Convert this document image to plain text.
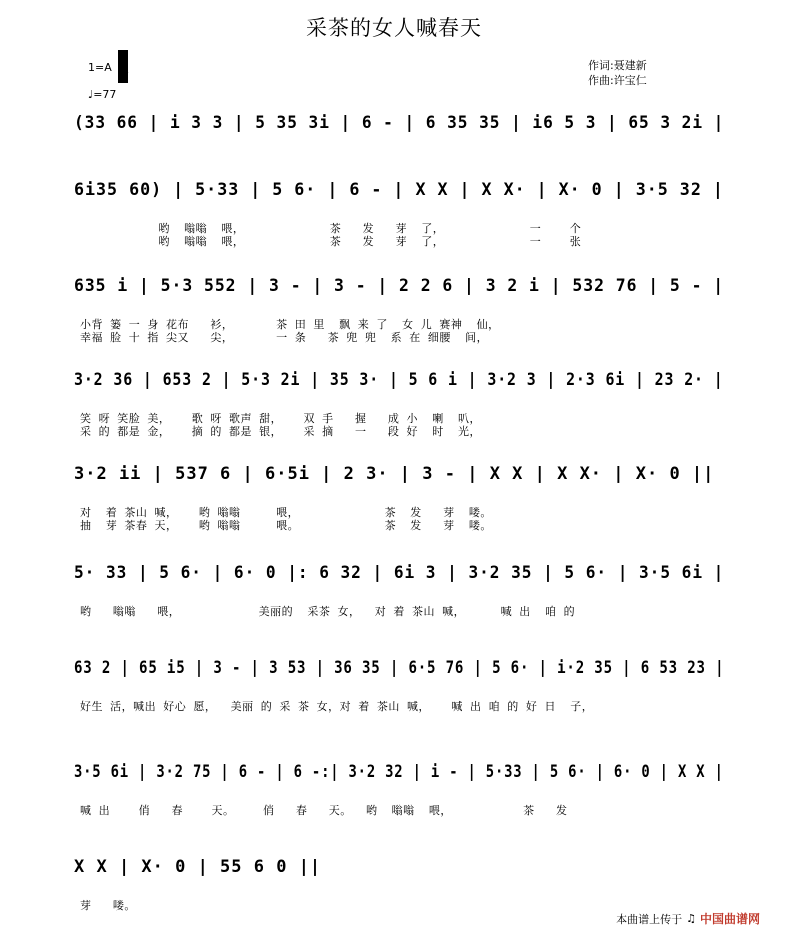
采茶的女人喊春天
1=A
♩=77
作词:聂建新
作曲:许宝仁
(33 66 | i 3 3 | 5 35 3i | 6 - | 6 35 35 | i6 5 3 | 65 3 2i |
6i35 60) | 5·33 | 5 6· | 6 - | X X | X X· | X· 0 | 3·5 32 |
哟  嗡嗡  喂，            茶   发   芽  了，            一    个
哟  嗡嗡  喂，            茶   发   芽  了，            一    张
635 i | 5·3 552 | 3 - | 3 - | 2 2 6 | 3 2 i | 532 76 | 5 - |
小背 篓 一 身 花布   衫，      茶 田 里  飘 来 了  女 儿 赛神  仙，
幸福 脸 十 指 尖又   尖，      一 条   茶 兜 兜  系 在 细腰  间，
3·2 36 | 653 2 | 5·3 2i | 35 3· | 5 6 i | 3·2 3 | 2·3 6i | 23 2· |
笑 呀 笑脸 美，   歌 呀 歌声 甜，   双 手   握   成 小  喇  叭，
采 的 都是 金，   摘 的 都是 银，   采 摘   一   段 好  时  光，
3·2 ii | 537 6 | 6·5i | 2 3· | 3 - | X X | X X· | X· 0 ||
对  着 茶山 喊，   哟 嗡嗡     喂，            茶  发   芽  喽。
抽  芽 茶春 天，   哟 嗡嗡     喂。            茶  发   芽  喽。
5· 33 | 5 6· | 6· 0 |: 6 32 | 6i 3 | 3·2 35 | 5 6· | 3·5 6i |
哟   嗡嗡   喂，           美丽的  采茶 女，  对 着 茶山 喊，     喊 出  咱 的
63 2 | 65 i5 | 3 - | 3 53 | 36 35 | 6·5 76 | 5 6· | i·2 35 | 6 53 23 |
好生 活，喊出 好心 愿，  美丽 的 采 茶 女，对 着 茶山 喊，   喊 出 咱 的 好 日  子，
3·5 6i | 3·2 75 | 6 - | 6 -:| 3·2 32 | i - | 5·33 | 5 6· | 6· 0 | X X |
喊 出    俏   春    天。    俏   春   天。  哟  嗡嗡  喂，          茶   发
X X | X· 0 | 55 6 0 ||
芽   喽。
本曲谱上传于 ♫ 中国曲谱网
